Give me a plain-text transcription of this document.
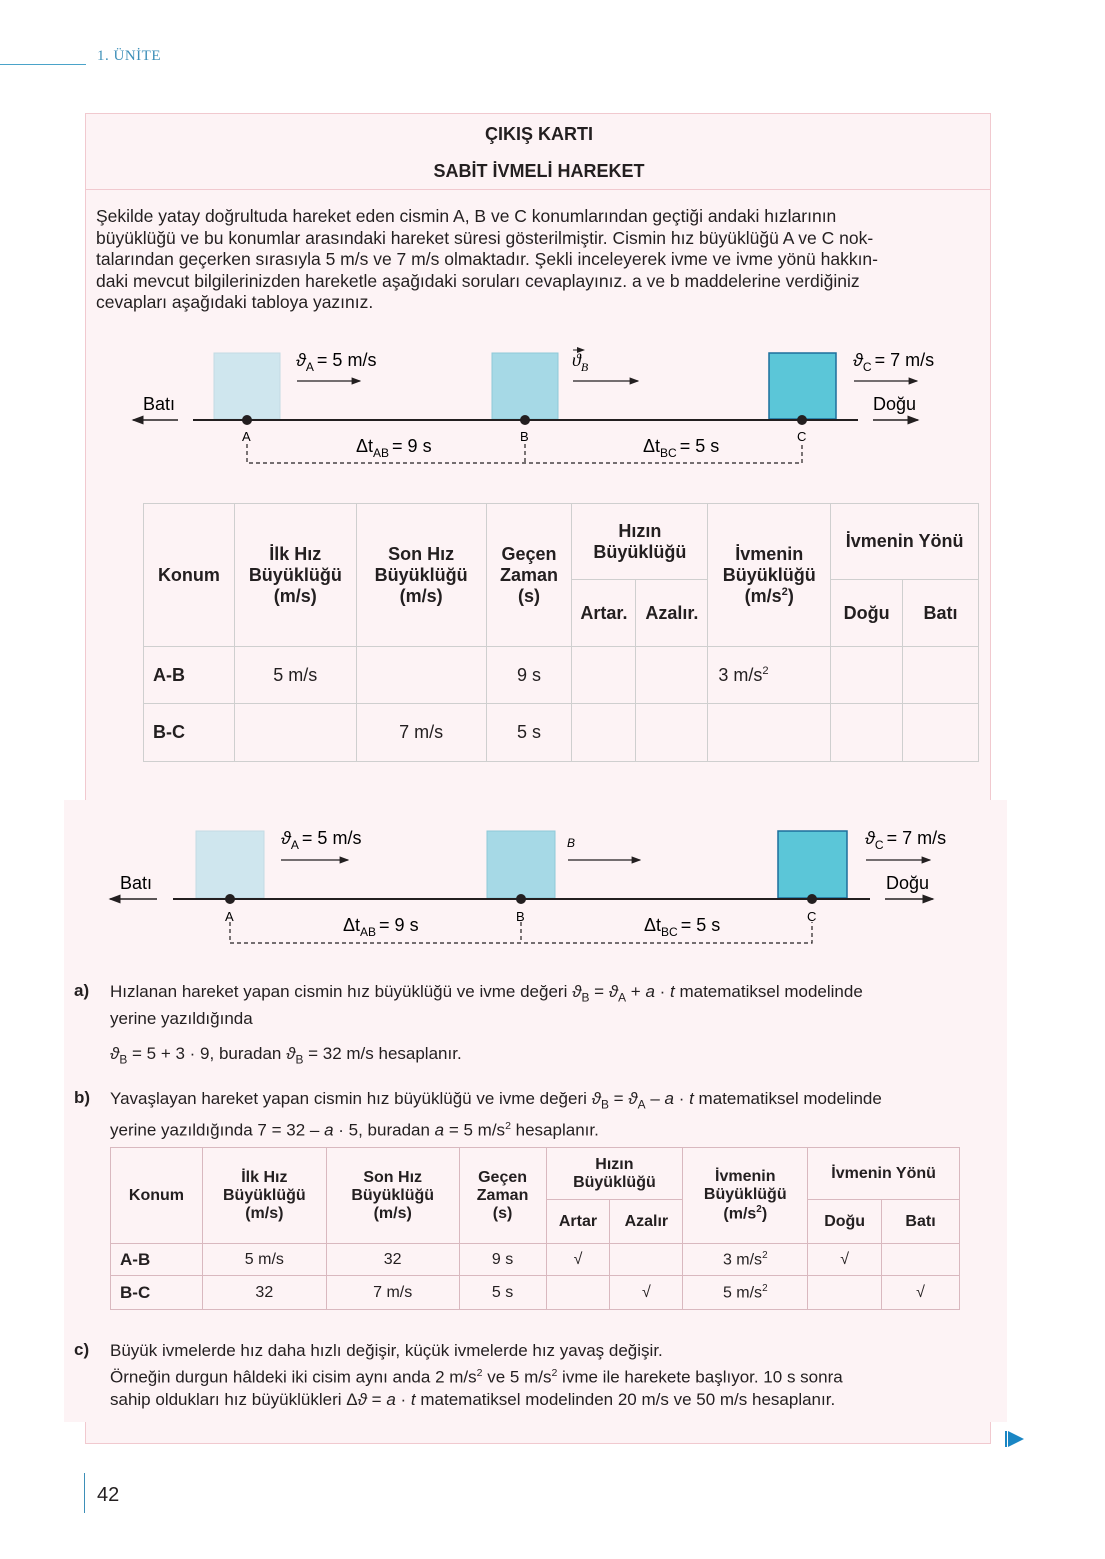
1. ÜNİTE
ÇIKIŞ KARTI
SABİT İVMELİ HAREKET

Şekilde yatay doğrultuda hareket eden cismin A, B ve C konumlarından geçtiği andaki hızlarının

büyüklüğü ve bu konumlar arasındaki hareket süresi gösterilmiştir. Cismin hız büyüklüğü A ve C nok-

talarından geçerken sırasıyla 5 m/s ve 7 m/s olmaktadır. Şekli inceleyerek ivme ve ivme yönü hakkın-

daki mevcut bilgilerinizden hareketle aşağıdaki soruları cevaplayınız. a ve b maddelerine verdiğiniz

cevapları aşağıdaki tabloya yazınız.

Batı	Doğu
A	B	C
$ϑ_A = 5$ m/s	$ϑ_B$	$ϑ_C = 7$ m/s
$\Delta t_{AB} = 9$ s	$\Delta t_{BC} = 5$ s
Konum	İlk Hız
Büyüklüğü
(m/s)	Son Hız
Büyüklüğü
(m/s)	Geçen
Zaman
(s)	Hızın
Büyüklüğü		İvmenin
Büyüklüğü
$(m/s^2)$	İvmenin Yönü	
				Artar.	Azalır.		Doğu	Batı
A-B	5 m/s		9 s			3 $m/s^2$		
B-C		7 m/s	5 s					
Batı	Doğu
A	B	C
$ϑ_A = 5$ m/s	B	$ϑ_C = 7$ m/s
$\Delta t_{AB} = 9$ s	$\Delta t_{BC} = 5$ s
a) Hızlanan hareket yapan cismin hız büyüklüğü ve ivme değeri $ϑ_B = ϑ_A + a \cdot t$ matematiksel modelinde
yerine yazıldığında
$ϑ_B = 5 + 3 \cdot 9$, buradan $ϑ_B = 32$ m/s hesaplanır.
b) Yavaşlayan hareket yapan cismin hız büyüklüğü ve ivme değeri $ϑ_B = ϑ_A - a \cdot t$ matematiksel modelinde
yerine yazıldığında 7 = 32 – a · 5, buradan a = 5 $m/s^2$ hesaplanır.
Konum	İlk Hız
Büyüklüğü
(m/s)	Son Hız
Büyüklüğü
(m/s)	Geçen
Zaman
(s)	Hızın
Büyüklüğü		İvmenin
Büyüklüğü
$(m/s^2)$	İvmenin Yönü	
				Artar	Azalır		Doğu	Batı
A-B	5 m/s	32	9 s	√		3 $m/s^2$	√	
B-C	32	7 m/s	5 s		√	5 $m/s^2$		√
c) Büyük ivmelerde hız daha hızlı değişir, küçük ivmelerde hız yavaş değişir.
Örneğin durgun hâldeki iki cisim aynı anda 2 $m/s^2$ ve 5 $m/s^2$ ivme ile harekete başlıyor. 10 s sonra
sahip oldukları hız büyüklükleri Δϑ = a · t matematiksel modelinden 20 m/s ve 50 m/s hesaplanır.
42
